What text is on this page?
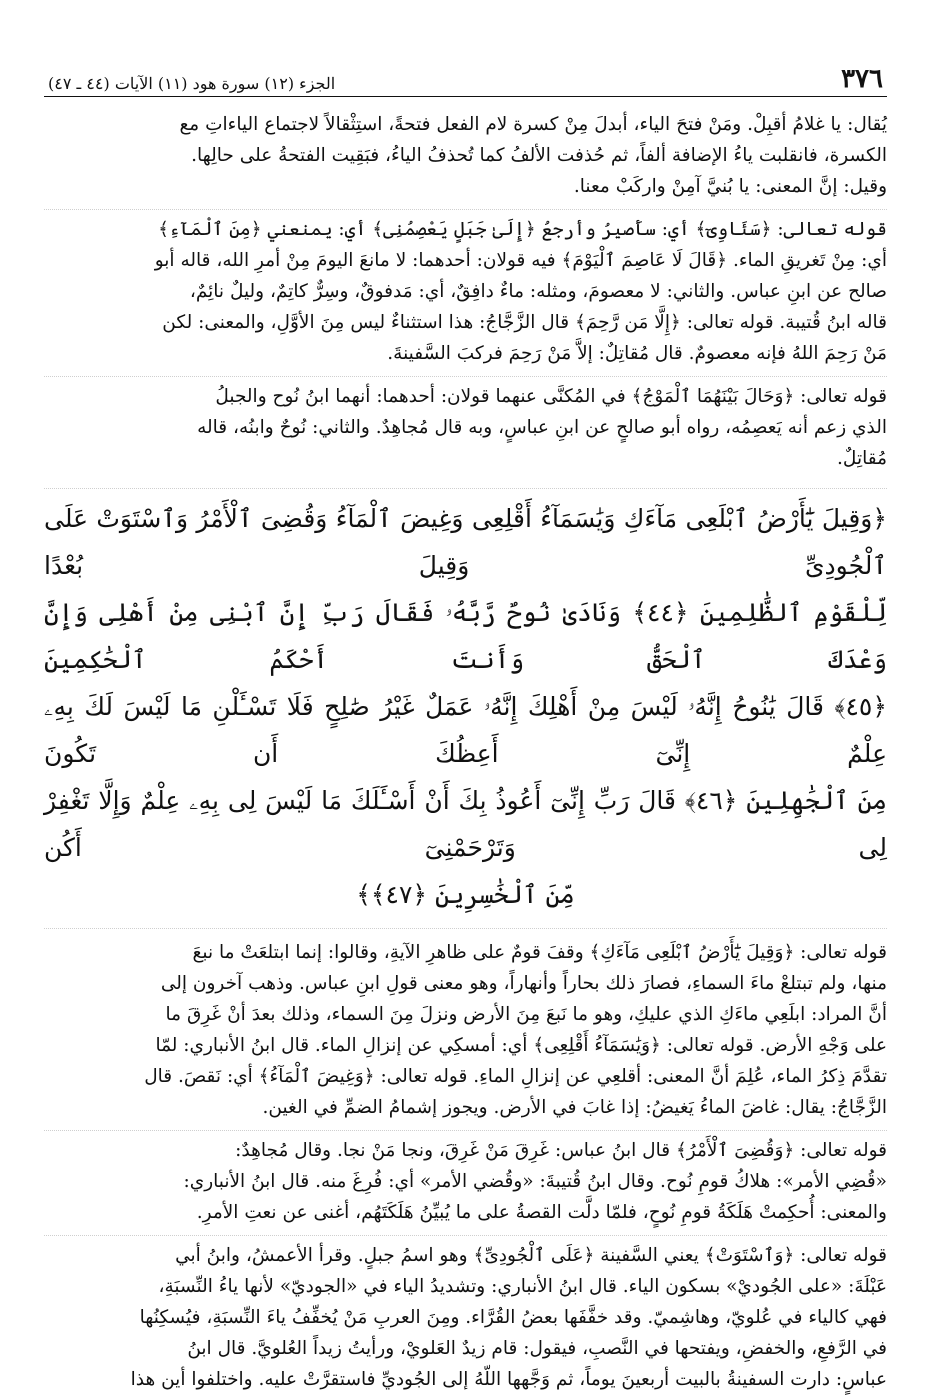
٣٧٦
الجزء (١٢) سورة هود (١١) الآيات (٤٤ ـ ٤٧)

يُقال: يا غلامُ أقبِلْ. ومَنْ فتحَ الياء، أبدلَ مِنْ كسرة لام الفعل فتحةً، استِثْقالاً لاجتماع الياءاتِ مع
الكسرة، فانقلبت ياءُ الإضافة ألفاً، ثم حُذفت الألفُ كما تُحذفُ الياءُ، فبَقِيت الفتحةُ على حالِها.
وقيل: إنَّ المعنى: يا بُنيَّ آمِنْ واركَبْ معنا.

قوله تعالى: ﴿سَئَاوِىٓ﴾ أي: سأَصيرُ وأرجعُ ﴿إِلَىٰ جَبَلٍ يَعْصِمُنِى﴾ أي: يمنعني ﴿مِنَ ٱلْمَآءِ﴾
أي: مِنْ تَغريقِ الماء. ﴿قَالَ لَا عَاصِمَ ٱلْيَوْمَ﴾ فيه قولان: أحدهما: لا مانعَ اليومَ مِنْ أمرِ الله، قاله أبو
صالح عن ابنِ عباس. والثاني: لا معصومَ، ومثله: ماءٌ دافِقٌ، أي: مَدفوقٌ، وسِرٌّ كاتِمٌ، وليلٌ نائِمٌ،
قاله ابنُ قُتيبة. قوله تعالى: ﴿إِلَّا مَن رَّحِمَ﴾ قال الزَّجَّاجُ: هذا استثناءٌ ليس مِنَ الأوَّلِ، والمعنى: لكن
مَنْ رَحِمَ اللهُ فإنه معصومٌ. قال مُقاتِلٌ: إلاَّ مَنْ رَحِمَ فركبَ السَّفينةَ.

قوله تعالى: ﴿وَحَالَ بَيْنَهُمَا ٱلْمَوْجُ﴾ في المُكنَّى عنهما قولان: أحدهما: أنهما ابنُ نُوح والجبلُ
الذي زعم أنه يَعصِمُه، رواه أبو صالحٍ عن ابنِ عباسٍ، وبه قال مُجاهِدٌ. والثاني: نُوحٌ وابنُه، قاله
مُقاتِلٌ.

﴿وَقِيلَ يَٰٓأَرْضُ ٱبْلَعِى مَآءَكِ وَيَٰسَمَآءُ أَقْلِعِى وَغِيضَ ٱلْمَآءُ وَقُضِىَ ٱلْأَمْرُ وَٱسْتَوَتْ عَلَى ٱلْجُودِىِّ وَقِيلَ بُعْدًا
لِّلْقَوْمِ ٱلظَّٰلِمِينَ ﴿٤٤﴾ وَنَادَىٰ نُوحٌ رَّبَّهُۥ فَقَالَ رَبِّ إِنَّ ٱبْنِى مِنْ أَهْلِى وَإِنَّ وَعْدَكَ ٱلْحَقُّ وَأَنتَ أَحْكَمُ ٱلْحَٰكِمِينَ
﴿٤٥﴾ قَالَ يَٰنُوحُ إِنَّهُۥ لَيْسَ مِنْ أَهْلِكَ إِنَّهُۥ عَمَلٌ غَيْرُ صَٰلِحٍ فَلَا تَسْـَٔلْنِ مَا لَيْسَ لَكَ بِهِۦ عِلْمٌ إِنِّىٓ أَعِظُكَ أَن تَكُونَ
مِنَ ٱلْجَٰهِلِينَ ﴿٤٦﴾ قَالَ رَبِّ إِنِّىٓ أَعُوذُ بِكَ أَنْ أَسْـَٔلَكَ مَا لَيْسَ لِى بِهِۦ عِلْمٌ وَإِلَّا تَغْفِرْ لِى وَتَرْحَمْنِىٓ أَكُن
مِّنَ ٱلْخَٰسِرِينَ ﴿٤٧﴾﴾

قوله تعالى: ﴿وَقِيلَ يَٰٓأَرْضُ ٱبْلَعِى مَآءَكِ﴾ وقفَ قومٌ على ظاهرِ الآيةِ، وقالوا: إنما ابتلعَتْ ما نبعَ
منها، ولم تبتلعْ ماءَ السماءِ، فصارَ ذلك بحاراً وأنهاراً، وهو معنى قولِ ابنِ عباس. وذهب آخرون إلى
أنَّ المراد: ابلَعِي ماءَكِ الذي عليكِ، وهو ما نَبعَ مِنَ الأرض ونزلَ مِنَ السماء، وذلك بعدَ أنْ غَرِقَ ما
على وَجْهِ الأرض. قوله تعالى: ﴿وَيَٰسَمَآءُ أَقْلِعِى﴾ أي: أمسكِي عن إنزالِ الماء. قال ابنُ الأنباري: لمّا
تقدَّمَ ذِكرُ الماء، عُلِمَ أنَّ المعنى: أقلعِي عن إنزالِ الماءِ. قوله تعالى: ﴿وَغِيضَ ٱلْمَآءُ﴾ أي: نَقصَ. قال
الزَّجَّاجُ: يقال: غاضَ الماءُ يَغيضُ: إذا غابَ في الأرض. ويجوز إشمامُ الضمِّ في الغين.

قوله تعالى: ﴿وَقُضِىَ ٱلْأَمْرُ﴾ قال ابنُ عباس: غَرِقَ مَنْ غَرِقَ، ونجا مَنْ نجا. وقال مُجاهِدٌ:
«قُضِي الأمر»: هلاكُ قومِ نُوح. وقال ابنُ قُتيبةَ: «وقُضي الأمر» أي: فُرِغَ منه. قال ابنُ الأنباري:
والمعنى: أُحكِمتْ هَلَكَةُ قومِ نُوحٍ، فلمّا دلَّت القصةُ على ما يُبيِّنُ هَلَكَتَهُم، أغنى عن نعتِ الأمرِ.

قوله تعالى: ﴿وَٱسْتَوَتْ﴾ يعني السَّفينة ﴿عَلَى ٱلْجُودِىِّ﴾ وهو اسمُ جبلٍ. وقرأ الأعمشُ، وابنُ أبي
عَبْلَةَ: «على الجُوديْ» بسكون الياء. قال ابنُ الأنباري: وتشديدُ الياء في «الجوديّ» لأنها ياءُ النِّسبَةِ،
فهي كالياء في عُلويّ، وهاشِميّ. وقد خفَّفَها بعضُ القُرَّاء. ومِنَ العربِ مَنْ يُخفِّفُ ياءَ النِّسبَةِ، فيُسكِنُها
في الرَّفعِ، والخفضِ، ويفتحها في النَّصبِ، فيقول: قام زيدٌ العَلويْ، ورأيتُ زيداً العُلويَّ. قال ابنُ
عباسٍ: دارت السفينةُ بالبيت أربعينَ يوماً، ثم وَجَّهها اللّهُ إلى الجُوديِّ فاستقرَّتْ عليه. واختلفوا أين هذا
